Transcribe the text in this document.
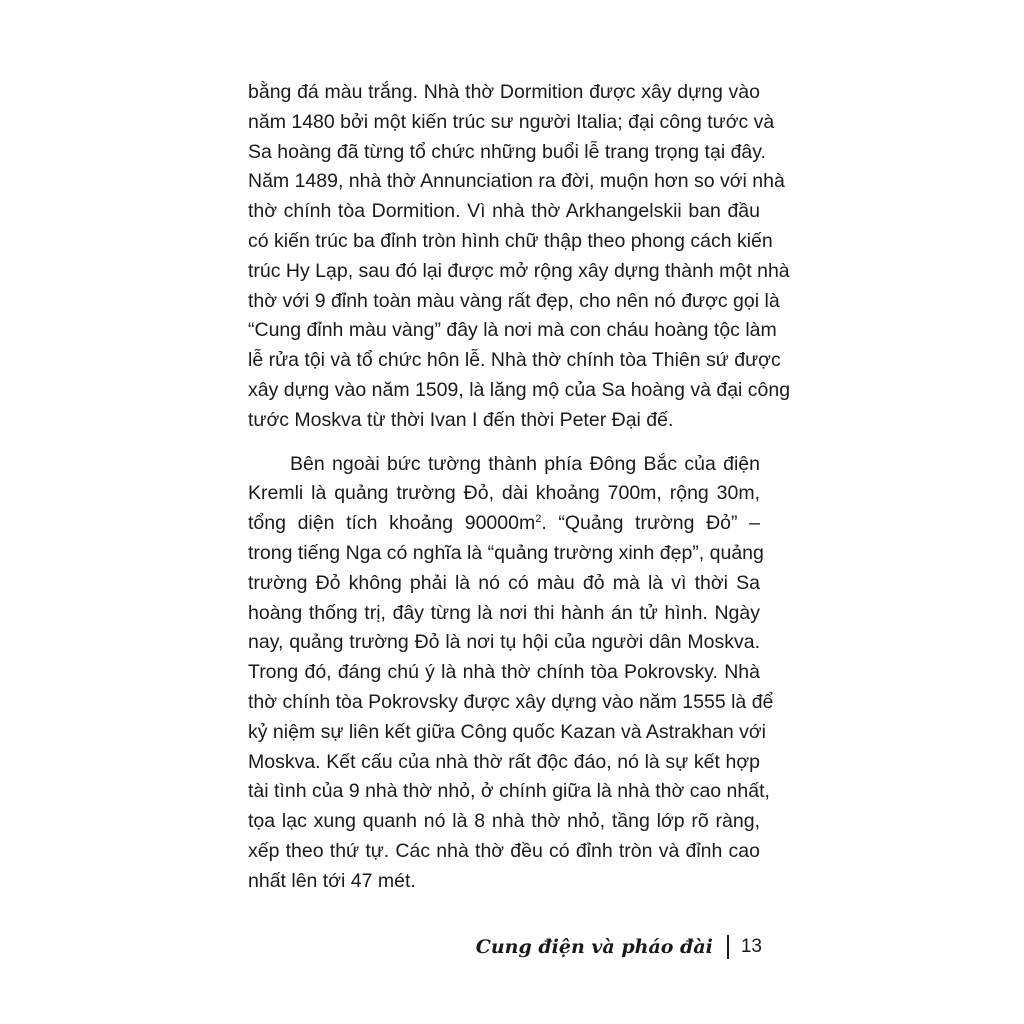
bằng đá màu trắng. Nhà thờ Dormition được xây dựng vào
năm 1480 bởi một kiến trúc sư người Italia; đại công tước và
Sa hoàng đã từng tổ chức những buổi lễ trang trọng tại đây.
Năm 1489, nhà thờ Annunciation ra đời, muộn hơn so với nhà
thờ chính tòa Dormition. Vì nhà thờ Arkhangelskii ban đầu
có kiến trúc ba đỉnh tròn hình chữ thập theo phong cách kiến
trúc Hy Lạp, sau đó lại được mở rộng xây dựng thành một nhà
thờ với 9 đỉnh toàn màu vàng rất đẹp, cho nên nó được gọi là
“Cung đỉnh màu vàng” đây là nơi mà con cháu hoàng tộc làm
lễ rửa tội và tổ chức hôn lễ. Nhà thờ chính tòa Thiên sứ được
xây dựng vào năm 1509, là lăng mộ của Sa hoàng và đại công
tước Moskva từ thời Ivan I đến thời Peter Đại đế.
Bên ngoài bức tường thành phía Đông Bắc của điện
Kremli là quảng trường Đỏ, dài khoảng 700m, rộng 30m,
tổng diện tích khoảng $90000m^2$. “Quảng trường Đỏ” –
trong tiếng Nga có nghĩa là “quảng trường xinh đẹp”, quảng
trường Đỏ không phải là nó có màu đỏ mà là vì thời Sa
hoàng thống trị, đây từng là nơi thi hành án tử hình. Ngày
nay, quảng trường Đỏ là nơi tụ hội của người dân Moskva.
Trong đó, đáng chú ý là nhà thờ chính tòa Pokrovsky. Nhà
thờ chính tòa Pokrovsky được xây dựng vào năm 1555 là để
kỷ niệm sự liên kết giữa Công quốc Kazan và Astrakhan với
Moskva. Kết cấu của nhà thờ rất độc đáo, nó là sự kết hợp
tài tình của 9 nhà thờ nhỏ, ở chính giữa là nhà thờ cao nhất,
tọa lạc xung quanh nó là 8 nhà thờ nhỏ, tầng lớp rõ ràng,
xếp theo thứ tự. Các nhà thờ đều có đỉnh tròn và đỉnh cao
nhất lên tới 47 mét.
Cung điện và pháo đài 13
